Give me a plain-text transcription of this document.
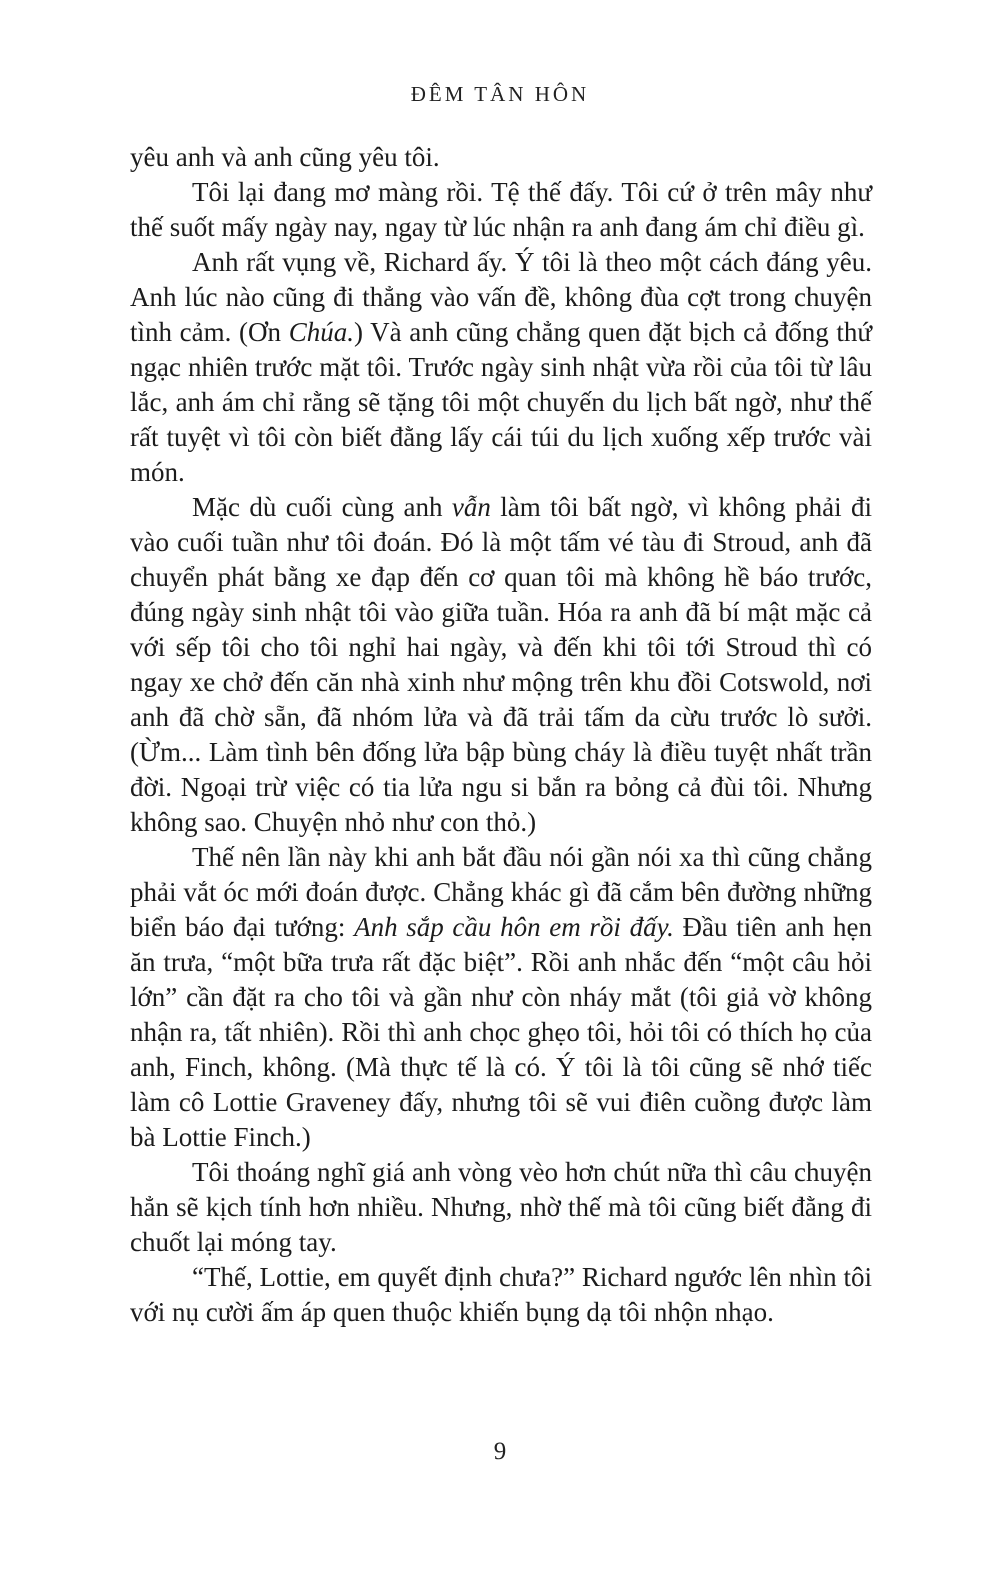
ĐÊM TÂN HÔN

yêu anh và anh cũng yêu tôi.

Tôi lại đang mơ màng rồi. Tệ thế đấy. Tôi cứ ở trên mây như thế suốt mấy ngày nay, ngay từ lúc nhận ra anh đang ám chỉ điều gì.

Anh rất vụng về, Richard ấy. Ý tôi là theo một cách đáng yêu. Anh lúc nào cũng đi thẳng vào vấn đề, không đùa cợt trong chuyện tình cảm. (Ơn Chúa.) Và anh cũng chẳng quen đặt bịch cả đống thứ ngạc nhiên trước mặt tôi. Trước ngày sinh nhật vừa rồi của tôi từ lâu lắc, anh ám chỉ rằng sẽ tặng tôi một chuyến du lịch bất ngờ, như thế rất tuyệt vì tôi còn biết đằng lấy cái túi du lịch xuống xếp trước vài món.

Mặc dù cuối cùng anh vẫn làm tôi bất ngờ, vì không phải đi vào cuối tuần như tôi đoán. Đó là một tấm vé tàu đi Stroud, anh đã chuyển phát bằng xe đạp đến cơ quan tôi mà không hề báo trước, đúng ngày sinh nhật tôi vào giữa tuần. Hóa ra anh đã bí mật mặc cả với sếp tôi cho tôi nghỉ hai ngày, và đến khi tôi tới Stroud thì có ngay xe chở đến căn nhà xinh như mộng trên khu đồi Cotswold, nơi anh đã chờ sẵn, đã nhóm lửa và đã trải tấm da cừu trước lò sưởi. (Ừm... Làm tình bên đống lửa bập bùng cháy là điều tuyệt nhất trần đời. Ngoại trừ việc có tia lửa ngu si bắn ra bỏng cả đùi tôi. Nhưng không sao. Chuyện nhỏ như con thỏ.)

Thế nên lần này khi anh bắt đầu nói gần nói xa thì cũng chẳng phải vắt óc mới đoán được. Chẳng khác gì đã cắm bên đường những biển báo đại tướng: Anh sắp cầu hôn em rồi đấy. Đầu tiên anh hẹn ăn trưa, “một bữa trưa rất đặc biệt”. Rồi anh nhắc đến “một câu hỏi lớn” cần đặt ra cho tôi và gần như còn nháy mắt (tôi giả vờ không nhận ra, tất nhiên). Rồi thì anh chọc ghẹo tôi, hỏi tôi có thích họ của anh, Finch, không. (Mà thực tế là có. Ý tôi là tôi cũng sẽ nhớ tiếc làm cô Lottie Graveney đấy, nhưng tôi sẽ vui điên cuồng được làm bà Lottie Finch.)

Tôi thoáng nghĩ giá anh vòng vèo hơn chút nữa thì câu chuyện hẳn sẽ kịch tính hơn nhiều. Nhưng, nhờ thế mà tôi cũng biết đằng đi chuốt lại móng tay.

“Thế, Lottie, em quyết định chưa?” Richard ngước lên nhìn tôi với nụ cười ấm áp quen thuộc khiến bụng dạ tôi nhộn nhạo.

9
